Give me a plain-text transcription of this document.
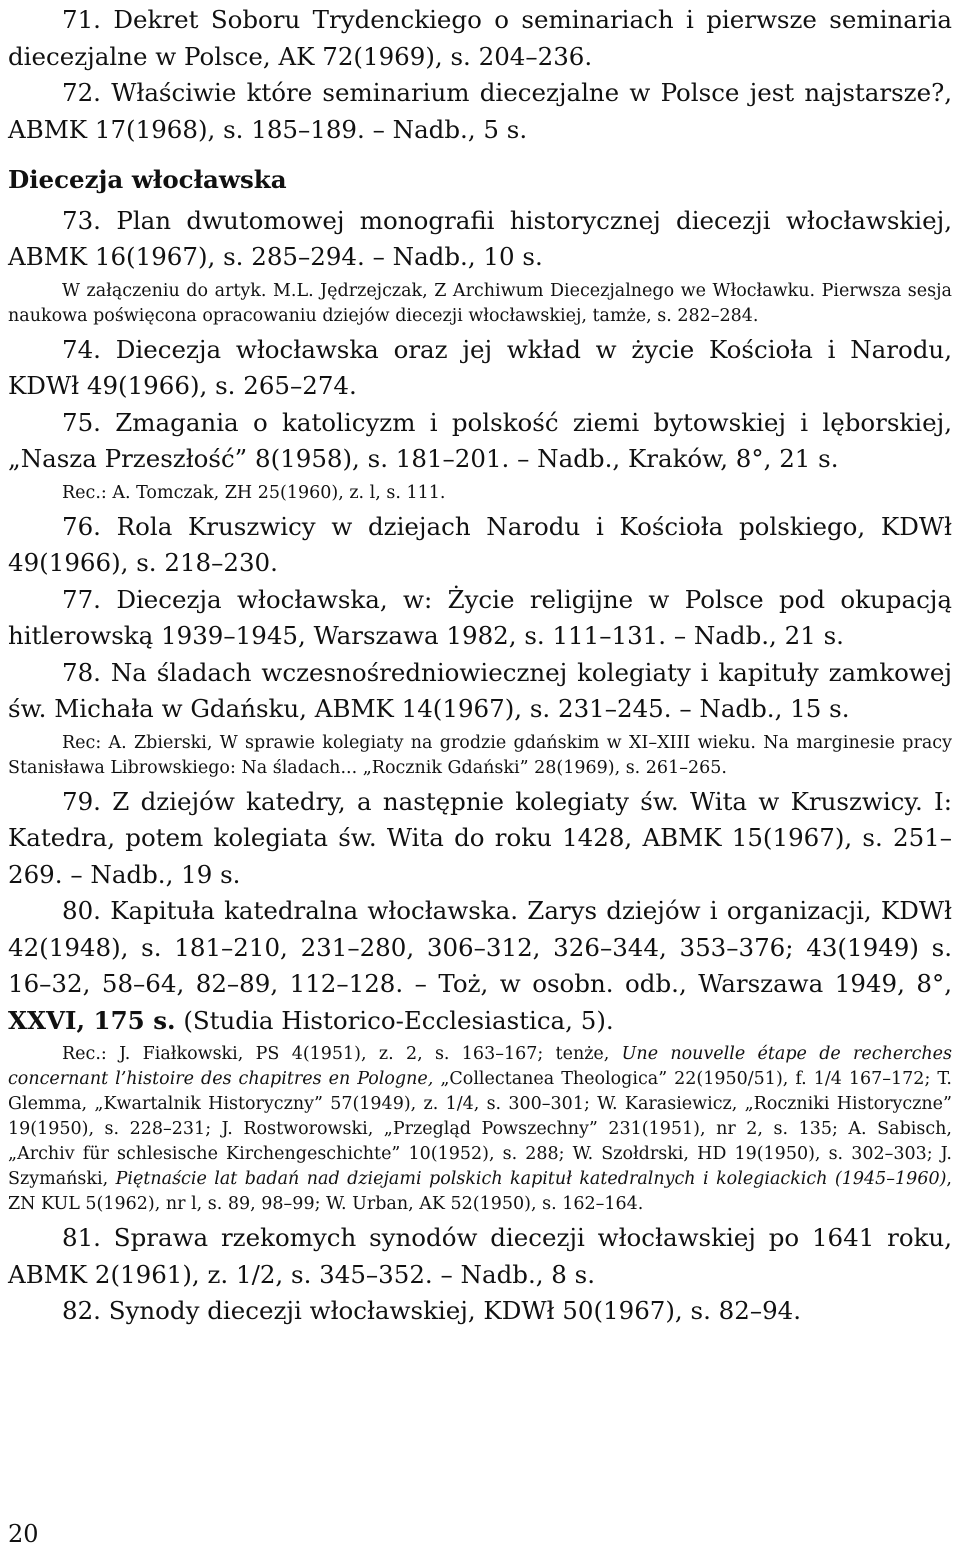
71. Dekret Soboru Trydenckiego o seminariach i pierwsze seminaria diecezjalne w Polsce, AK 72(1969), s. 204–236.

72. Właściwie które seminarium diecezjalne w Polsce jest najstarsze?, ABMK 17(1968), s. 185–189. – Nadb., 5 s.

Diecezja włocławska

73. Plan dwutomowej monografii historycznej diecezji włocławskiej, ABMK 16(1967), s. 285–294. – Nadb., 10 s.

W załączeniu do artyk. M.L. Jędrzejczak, Z Archiwum Diecezjalnego we Włocławku. Pierwsza sesja naukowa poświęcona opracowaniu dziejów diecezji włocławskiej, tamże, s. 282–284.

74. Diecezja włocławska oraz jej wkład w życie Kościoła i Narodu, KDWł 49(1966), s. 265–274.

75. Zmagania o katolicyzm i polskość ziemi bytowskiej i lęborskiej, „Nasza Przeszłość” 8(1958), s. 181–201. – Nadb., Kraków, 8°, 21 s.

Rec.: A. Tomczak, ZH 25(1960), z. l, s. 111.

76. Rola Kruszwicy w dziejach Narodu i Kościoła polskiego, KDWł 49(1966), s. 218–230.

77. Diecezja włocławska, w: Życie religijne w Polsce pod okupacją hitlerowską 1939–1945, Warszawa 1982, s. 111–131. – Nadb., 21 s.

78. Na śladach wczesnośredniowiecznej kolegiaty i kapituły zamkowej św. Michała w Gdańsku, ABMK 14(1967), s. 231–245. – Nadb., 15 s.

Rec: A. Zbierski, W sprawie kolegiaty na grodzie gdańskim w XI–XIII wieku. Na marginesie pracy Stanisława Librowskiego: Na śladach... „Rocznik Gdański” 28(1969), s. 261–265.

79. Z dziejów katedry, a następnie kolegiaty św. Wita w Kruszwicy. I: Katedra, potem kolegiata św. Wita do roku 1428, ABMK 15(1967), s. 251–269. – Nadb., 19 s.

80. Kapituła katedralna włocławska. Zarys dziejów i organizacji, KDWł 42(1948), s. 181–210, 231–280, 306–312, 326–344, 353–376; 43(1949) s. 16–32, 58–64, 82–89, 112–128. – Toż, w osobn. odb., Warszawa 1949, 8°, XXVI, 175 s. (Studia Historico-Ecclesiastica, 5).

Rec.: J. Fiałkowski, PS 4(1951), z. 2, s. 163–167; tenże, Une nouvelle étape de recherches concernant l’histoire des chapitres en Pologne, „Collectanea Theologica” 22(1950/51), f. 1/4 167–172; T. Glemma, „Kwartalnik Historyczny” 57(1949), z. 1/4, s. 300–301; W. Karasiewicz, „Roczniki Historyczne” 19(1950), s. 228–231; J. Rostworowski, „Przegląd Powszechny” 231(1951), nr 2, s. 135; A. Sabisch, „Archiv für schlesische Kirchengeschichte” 10(1952), s. 288; W. Szołdrski, HD 19(1950), s. 302–303; J. Szymański, Piętnaście lat badań nad dziejami polskich kapituł katedralnych i kolegiackich (1945–1960), ZN KUL 5(1962), nr l, s. 89, 98–99; W. Urban, AK 52(1950), s. 162–164.

81. Sprawa rzekomych synodów diecezji włocławskiej po 1641 roku, ABMK 2(1961), z. 1/2, s. 345–352. – Nadb., 8 s.

82. Synody diecezji włocławskiej, KDWł 50(1967), s. 82–94.

20
